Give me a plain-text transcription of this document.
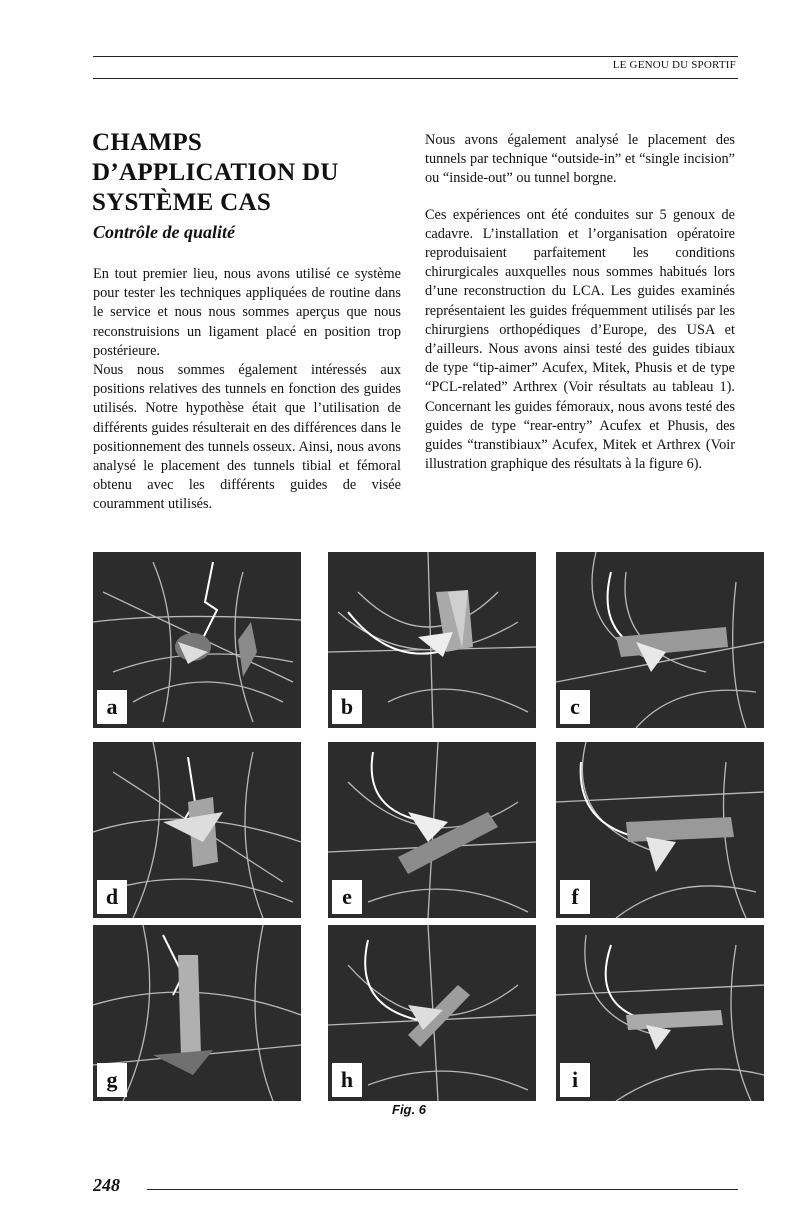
LE GENOU DU SPORTIF
CHAMPS D’APPLICATION DU SYSTÈME CAS
Contrôle de qualité

En tout premier lieu, nous avons utilisé ce système pour tester les techniques appliquées de routine dans le service et nous nous sommes aperçus que nous reconstruisions un ligament placé en position trop postérieure.

Nous nous sommes également intéressés aux positions relatives des tunnels en fonction des guides utilisés. Notre hypothèse était que l’utilisation de différents guides résulterait en des différences dans le positionnement des tunnels osseux. Ainsi, nous avons analysé le placement des tunnels tibial et fémoral obtenu avec les différents guides de visée couramment utilisés.

Nous avons également analysé le placement des tunnels par technique “outside-in” et “single incision” ou “inside-out” ou tunnel borgne.

Ces expériences ont été conduites sur 5 genoux de cadavre. L’installation et l’organisation opératoire reproduisaient parfaitement les conditions chirurgicales auxquelles nous sommes habitués lors d’une reconstruction du LCA. Les guides examinés représentaient les guides fréquemment utilisés par les chirurgiens orthopédiques d’Europe, des USA et d’ailleurs. Nous avons ainsi testé des guides tibiaux de type “tip-aimer” Acufex, Mitek, Phusis et de type “PCL-related” Arthrex (Voir résultats au tableau 1). Concernant les guides fémoraux, nous avons testé des guides de type “rear-entry” Acufex et Phusis, des guides “transtibiaux” Acufex, Mitek et Arthrex (Voir illustration graphique des résultats à la figure 6).

a	b	c
d	e	f
g	h	i
Fig. 6
248
